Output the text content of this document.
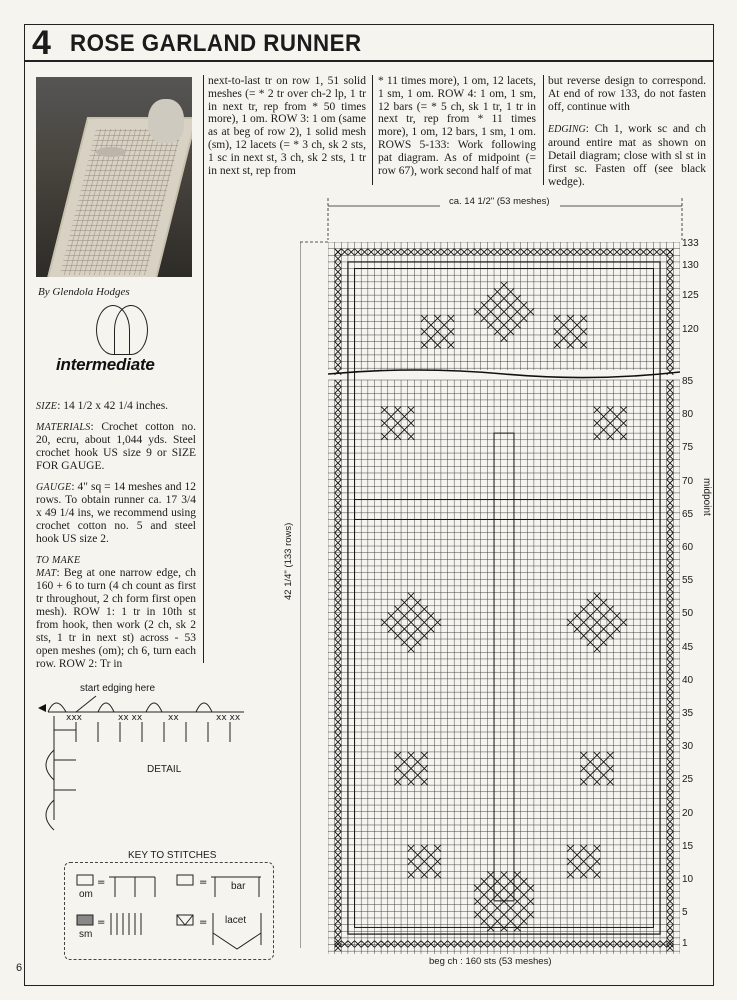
4 ROSE GARLAND RUNNER
By Glendola Hodges
intermediate

SIZE: 14 1/2 x 42 1/4 inches.

MATERIALS: Crochet cotton no. 20, ecru, about 1,044 yds. Steel crochet hook US size 9 or SIZE FOR GAUGE.

GAUGE: 4" sq = 14 meshes and 12 rows. To obtain runner ca. 17 3/4 x 49 1/4 ins, we recommend using crochet cotton no. 5 and steel hook US size 2.

TO MAKE
MAT: Beg at one narrow edge, ch 160 + 6 to turn (4 ch count as first tr throughout, 2 ch form first open mesh). ROW 1: 1 tr in 10th st from hook, then work (2 ch, sk 2 sts, 1 tr in next st) across - 53 open meshes (om); ch 6, turn each row. ROW 2: Tr in

next-to-last tr on row 1, 51 solid meshes (= * 2 tr over ch-2 lp, 1 tr in next tr, rep from * 50 times more), 1 om. ROW 3: 1 om (same as at beg of row 2), 1 solid mesh (sm), 12 lacets (= * 3 ch, sk 2 sts, 1 sc in next st, 3 ch, sk 2 sts, 1 tr in next st, rep from
* 11 times more), 1 om, 12 lacets, 1 sm, 1 om. ROW 4: 1 om, 1 sm, 12 bars (= * 5 ch, sk 1 tr, 1 tr in next tr, rep from * 11 times more), 1 om, 12 bars, 1 sm, 1 om. ROWS 5-133: Work following pat diagram. As of midpoint (= row 67), work second half of mat
but reverse design to correspond. At end of row 133, do not fasten off, continue with
EDGING: Ch 1, work sc and ch around entire mat as shown on Detail diagram; close with sl st in first sc. Fasten off (see black wedge).
start edging here
xxx	xx xx	xx	xx xx
DETAIL
KEY TO STITCHES
=	=
=	=
om
bar
sm
lacet
ca. 14 1/2" (53 meshes)
42 1/4" (133 rows)
midpoint
beg ch : 160 sts (53 meshes)
133
130
125
120
85
80
75
70
65
60
55
50
45
40
35
30
25
20
15
10
5
1
6
